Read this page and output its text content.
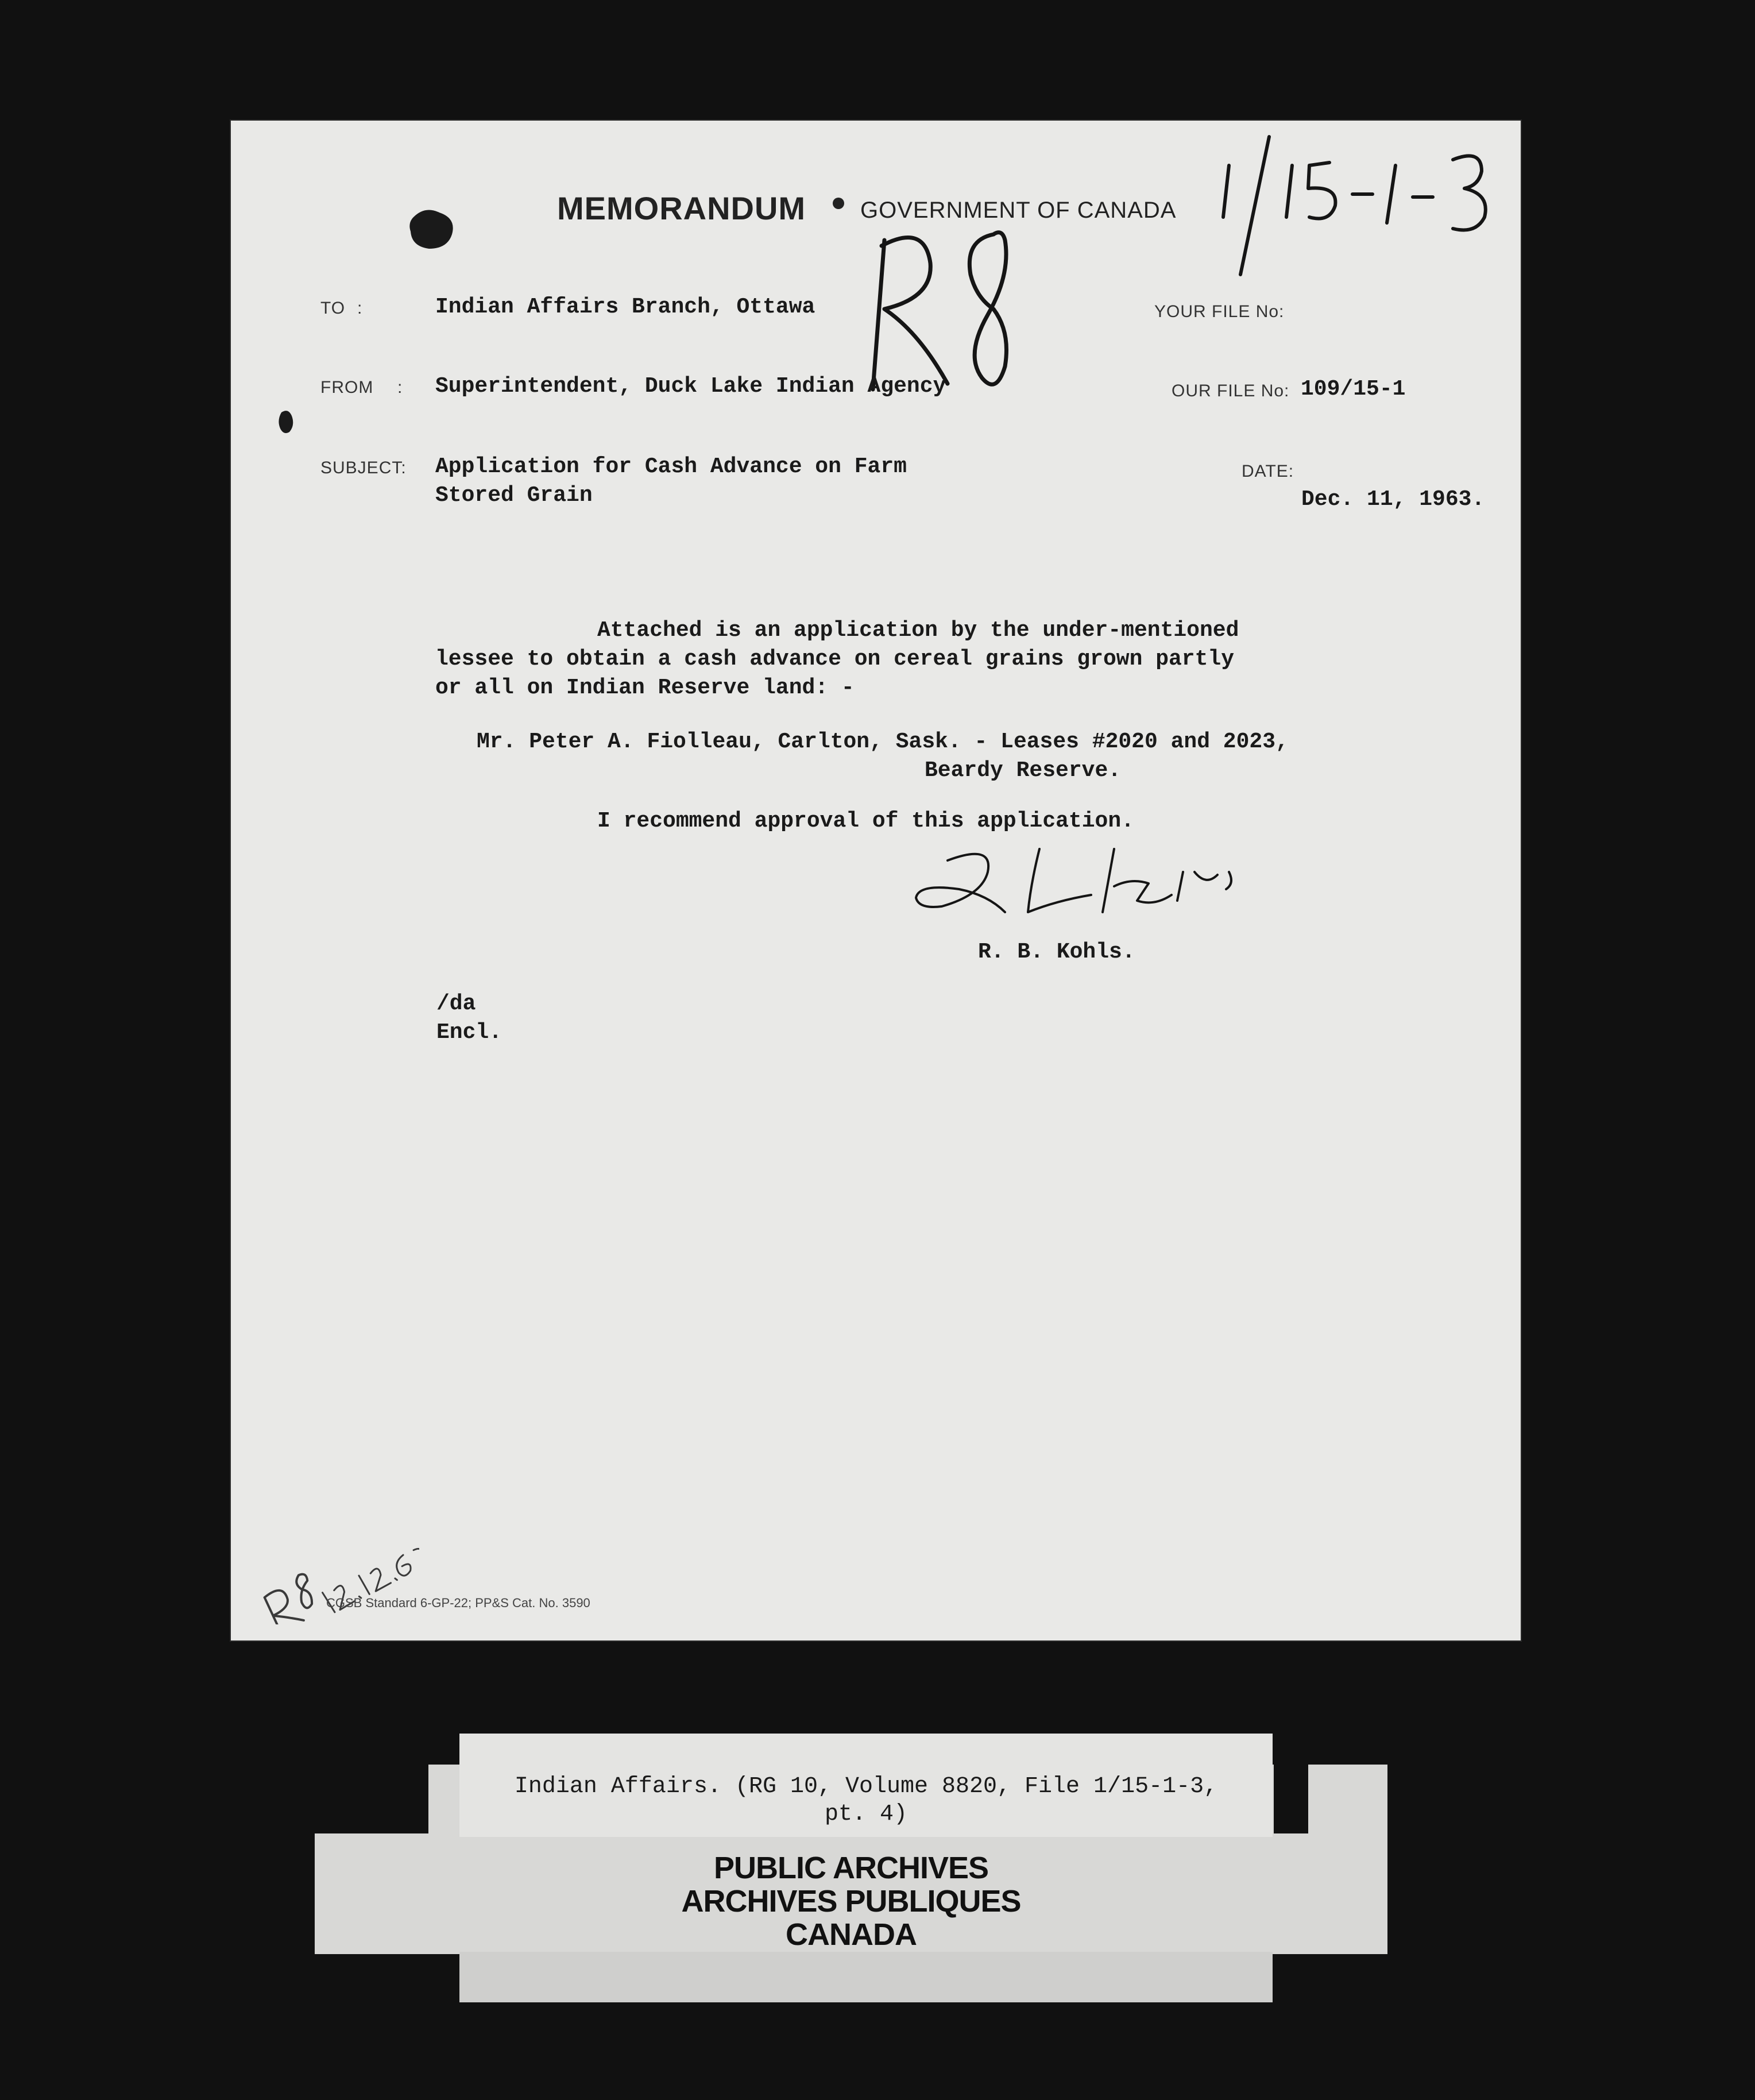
MEMORANDUM GOVERNMENT OF CANADA
TO :	Indian Affairs Branch, Ottawa	YOUR FILE No:
FROM : Superintendent, Duck Lake Indian Agency	OUR FILE No: 109/15-1
SUBJECT: Application for Cash Advance on Farm
Stored Grain
DATE:
Dec. 11, 1963.
Attached is an application by the under-mentioned
lessee to obtain a cash advance on cereal grains grown partly
or all on Indian Reserve land: -
Mr. Peter A. Fiolleau, Carlton, Sask. - Leases #2020 and 2023,
Beardy Reserve.
I recommend approval of this application.
R. B. Kohls.
/da
Encl.
CGSB Standard 6-GP-22; PP&S Cat. No. 3590
Indian Affairs. (RG 10, Volume 8820, File 1/15-1-3,
pt. 4)
PUBLIC ARCHIVES
ARCHIVES PUBLIQUES
CANADA
